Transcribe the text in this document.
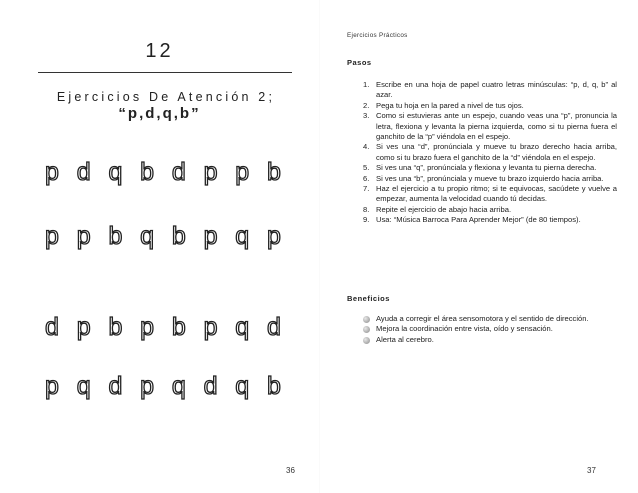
12
Ejercicios De Atención 2;
“p,d,q,b”
p d q b d p p b
p p b q b p q p
d p b p b p q d
p q d p q d q b
36
Ejercicios Prácticos
Pasos
1. Escribe en una hoja de papel cuatro letras minúsculas: “p, d, q, b” al azar.
2. Pega tu hoja en la pared a nivel de tus ojos.
3. Como si estuvieras ante un espejo, cuando veas una “p”, pronuncia la letra, flexiona y levanta la pierna izquierda, como si tu pierna fuera el ganchito de la “p” viéndola en el espejo.
4. Si ves una “d”, pronúnciala y mueve tu brazo derecho hacia arriba, como si tu brazo fuera el ganchito de la “d” viéndola en el espejo.
5. Si ves una “q”, pronúnciala y flexiona y levanta tu pierna derecha.
6. Si ves una “b”, pronúnciala y mueve tu brazo izquierdo hacia arriba.
7. Haz el ejercicio a tu propio ritmo; si te equivocas, sacúdete y vuelve a empezar, aumenta la velocidad cuando tú decidas.
8. Repite el ejercicio de abajo hacia arriba.
9. Usa: “Música Barroca Para Aprender Mejor” (de 80 tiempos).
Beneficios
Ayuda a corregir el área sensomotora y el sentido de dirección.
Mejora la coordinación entre vista, oído y sensación.
Alerta al cerebro.
37
